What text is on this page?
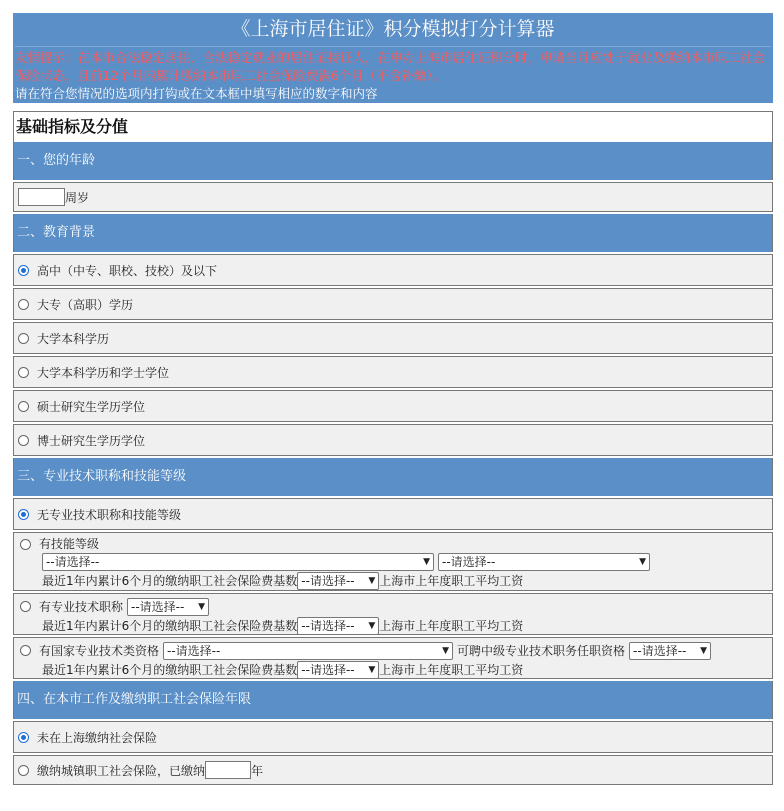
《上海市居住证》积分模拟打分计算器
友情提示：在本市合法稳定居住、合法稳定就业的居住证持证人，在申办上海市居住证积分时，申请当月应处于就业及缴纳本市职工社会保险状态，且前12个月内累计缴纳本市职工社会保险费满6个月（不含补缴）。
请在符合您情况的选项内打钩或在文本框中填写相应的数字和内容
基础指标及分值
一、您的年龄
周岁
二、教育背景
高中（中专、职校、技校）及以下
大专（高职）学历
大学本科学历
大学本科学历和学士学位
硕士研究生学历学位
博士研究生学历学位
三、专业技术职称和技能等级
无专业技术职称和技能等级
有技能等级
--请选择--	▼	--请选择--	▼
最近1年内累计6个月的缴纳职工社会保险费基数 --请选择-- ▼ 上海市上年度职工平均工资
有专业技术职称 --请选择-- ▼
最近1年内累计6个月的缴纳职工社会保险费基数 --请选择-- ▼ 上海市上年度职工平均工资
有国家专业技术类资格 --请选择--	▼ 可聘中级专业技术职务任职资格 --请选择-- ▼
最近1年内累计6个月的缴纳职工社会保险费基数 --请选择-- ▼ 上海市上年度职工平均工资
四、在本市工作及缴纳职工社会保险年限
未在上海缴纳社会保险
缴纳城镇职工社会保险，已缴纳	年
